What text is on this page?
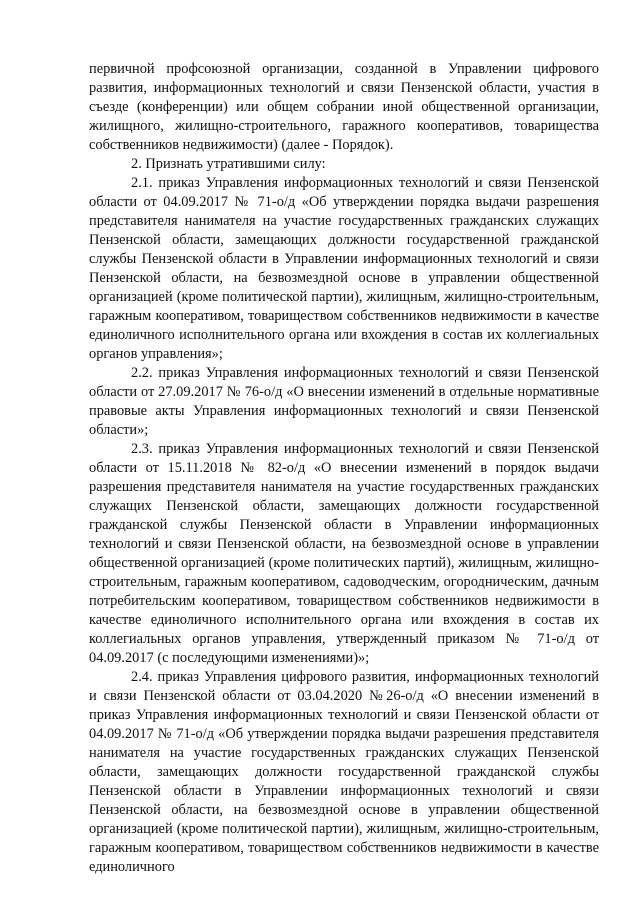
первичной профсоюзной организации, созданной в Управлении цифрового развития, информационных технологий и связи Пензенской области, участия в съезде (конференции) или общем собрании иной общественной организации, жилищного, жилищно-строительного, гаражного кооперативов, товарищества собственников недвижимости) (далее - Порядок).

2. Признать утратившими силу:

2.1. приказ Управления информационных технологий и связи Пензенской области от 04.09.2017 № 71-о/д «Об утверждении порядка выдачи разрешения представителя нанимателя на участие государственных гражданских служащих Пензенской области, замещающих должности государственной гражданской службы Пензенской области в Управлении информационных технологий и связи Пензенской области, на безвозмездной основе в управлении общественной организацией (кроме политической партии), жилищным, жилищно-строительным, гаражным кооперативом, товариществом собственников недвижимости в качестве единоличного исполнительного органа или вхождения в состав их коллегиальных органов управления»;

2.2. приказ Управления информационных технологий и связи Пензенской области от 27.09.2017 № 76-о/д «О внесении изменений в отдельные нормативные правовые акты Управления информационных технологий и связи Пензенской области»;

2.3. приказ Управления информационных технологий и связи Пензенской области от 15.11.2018 № 82-о/д «О внесении изменений в порядок выдачи разрешения представителя нанимателя на участие государственных гражданских служащих Пензенской области, замещающих должности государственной гражданской службы Пензенской области в Управлении информационных технологий и связи Пензенской области, на безвозмездной основе в управлении общественной организацией (кроме политических партий), жилищным, жилищно-строительным, гаражным кооперативом, садоводческим, огородническим, дачным потребительским кооперативом, товариществом собственников недвижимости в качестве единоличного исполнительного органа или вхождения в состав их коллегиальных органов управления, утвержденный приказом № 71-о/д от 04.09.2017 (с последующими изменениями)»;

2.4. приказ Управления цифрового развития, информационных технологий и связи Пензенской области от 03.04.2020 №26-о/д «О внесении изменений в приказ Управления информационных технологий и связи Пензенской области от 04.09.2017 № 71-о/д «Об утверждении порядка выдачи разрешения представителя нанимателя на участие государственных гражданских служащих Пензенской области, замещающих должности государственной гражданской службы Пензенской области в Управлении информационных технологий и связи Пензенской области, на безвозмездной основе в управлении общественной организацией (кроме политической партии), жилищным, жилищно-строительным, гаражным кооперативом, товариществом собственников недвижимости в качестве единоличного
